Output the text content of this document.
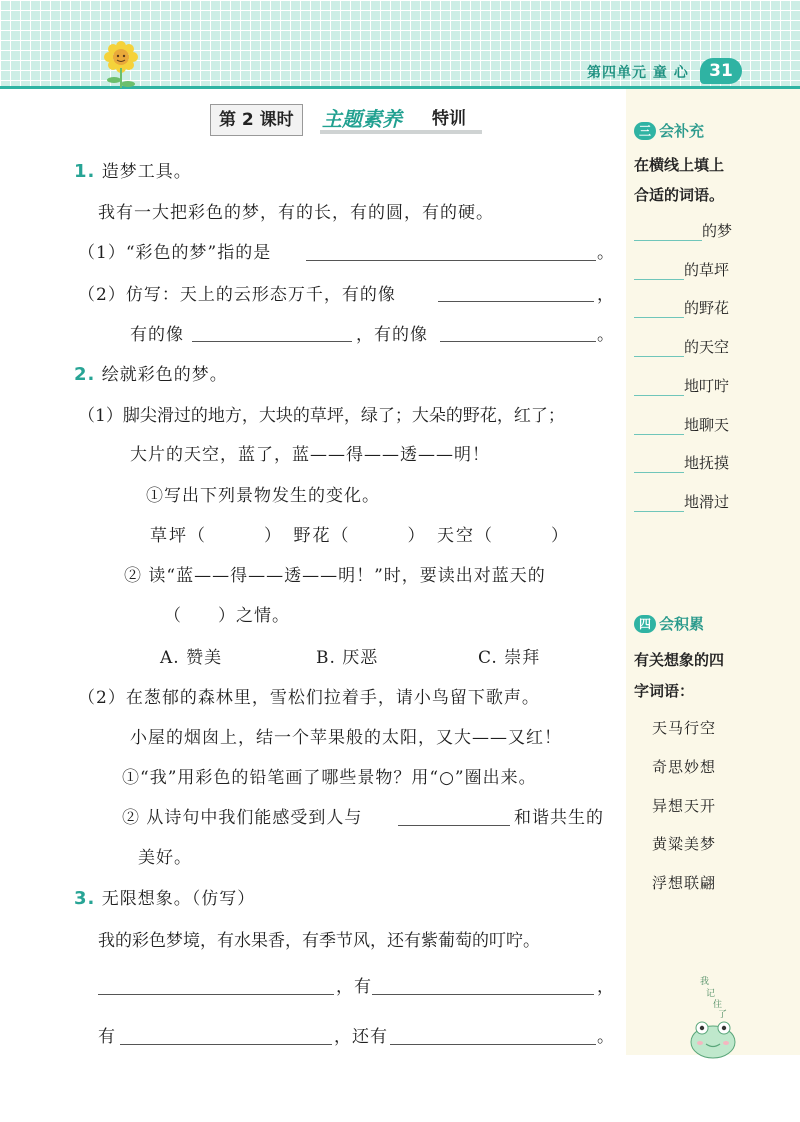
第四单元 童 心	31
第 2 课时	主题素养 特训
1. 造梦工具。
我有一大把彩色的梦，有的长，有的圆，有的硬。
（1）“彩色的梦”指的是	。
（2）仿写：天上的云形态万千，有的像	，
有的像	，有的像	。
2. 绘就彩色的梦。
（1）脚尖滑过的地方，大块的草坪，绿了；大朵的野花，红了；
大片的天空，蓝了，蓝——得——透——明！
①写出下列景物发生的变化。
草坪（　　　）　野花（　　　）　天空（　　　）
② 读“蓝——得——透——明！”时，要读出对蓝天的
（　　）之情。
A. 赞美	B. 厌恶	C. 崇拜
（2）在葱郁的森林里，雪松们拉着手，请小鸟留下歌声。
小屋的烟囱上，结一个苹果般的太阳，又大——又红！
①“我”用彩色的铅笔画了哪些景物？用“○”圈出来。
② 从诗句中我们能感受到人与	和谐共生的
美好。
3. 无限想象。（仿写）
我的彩色梦境，有水果香，有季节风，还有紫葡萄的叮咛。
，有	，
有	，还有	。
三 会补充
在横线上填上
合适的词语。
的梦
的草坪
的野花
的天空
地叮咛
地聊天
地抚摸
地滑过
四 会积累
有关想象的四
字词语：
天马行空
奇思妙想
异想天开
黄粱美梦
浮想联翩
我
记
住
了
